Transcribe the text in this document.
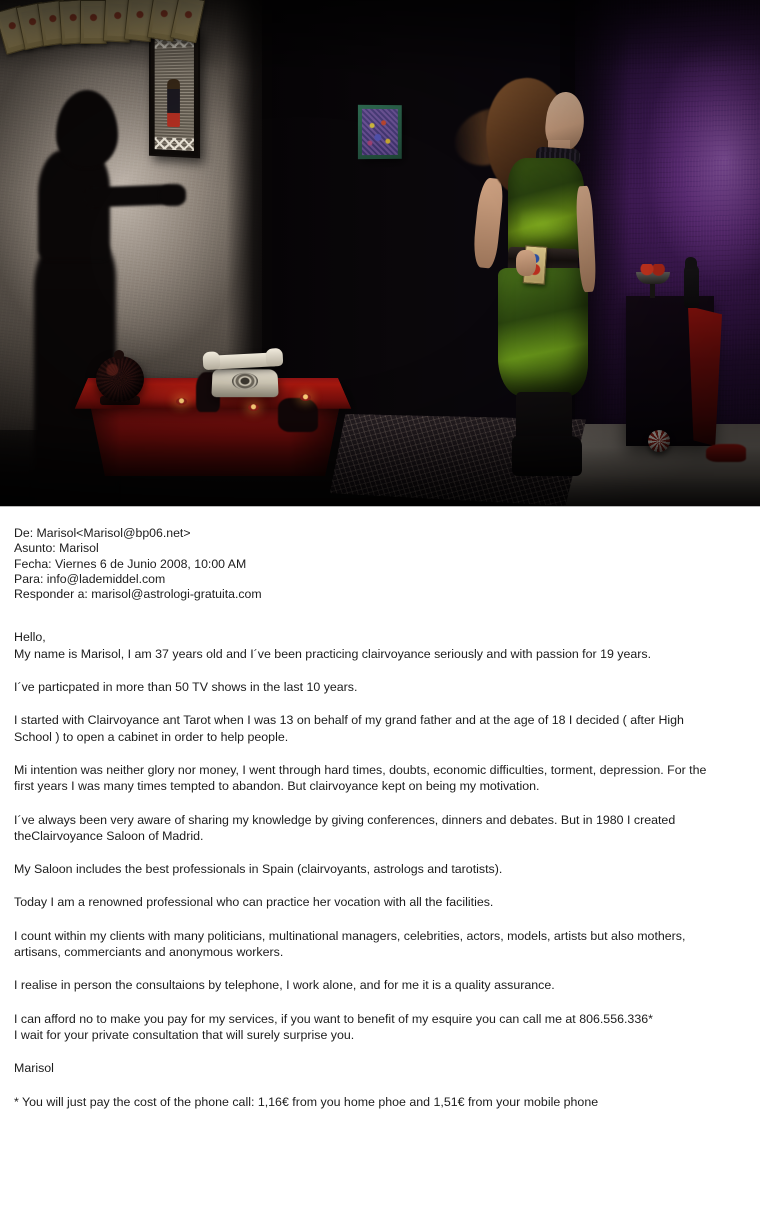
De: Marisol<Marisol@bp06.net>
Asunto: Marisol
Fecha: Viernes 6 de Junio 2008, 10:00 AM
Para: info@lademiddel.com
Responder a: marisol@astrologi-gratuita.com

Hello,

My name is Marisol, I am 37 years old and I´ve been practicing clairvoyance seriously and with passion for 19 years.

I´ve particpated in more than 50 TV shows in the last 10 years.

I started with Clairvoyance ant Tarot when I was 13 on behalf of my grand father and at the age of 18 I decided ( after High School ) to open a cabinet in order to help people.

Mi intention was neither glory nor money, I went through hard times, doubts, economic difficulties, torment, depression. For the first years I was many times tempted to abandon. But clairvoyance kept on being my motivation.

I´ve always been very aware of sharing my knowledge by giving conferences, dinners and debates. But in 1980 I created theClairvoyance Saloon of Madrid.

My Saloon includes the best professionals in Spain (clairvoyants, astrologs and tarotists).

Today I am a renowned professional who can practice her vocation with all the facilities.

I count within my clients with many politicians, multinational managers, celebrities, actors, models, artists but also mothers, artisans, commerciants and anonymous workers.

I realise in person the consultaions by telephone, I work alone, and for me it is a quality assurance.

I can afford no to make you pay for my services, if you want to benefit of my esquire you can call me at 806.556.336*

I wait for your private consultation that will surely surprise you.

Marisol

* You will just pay the cost of the phone call: 1,16€ from you home phoe and 1,51€ from your mobile phone
